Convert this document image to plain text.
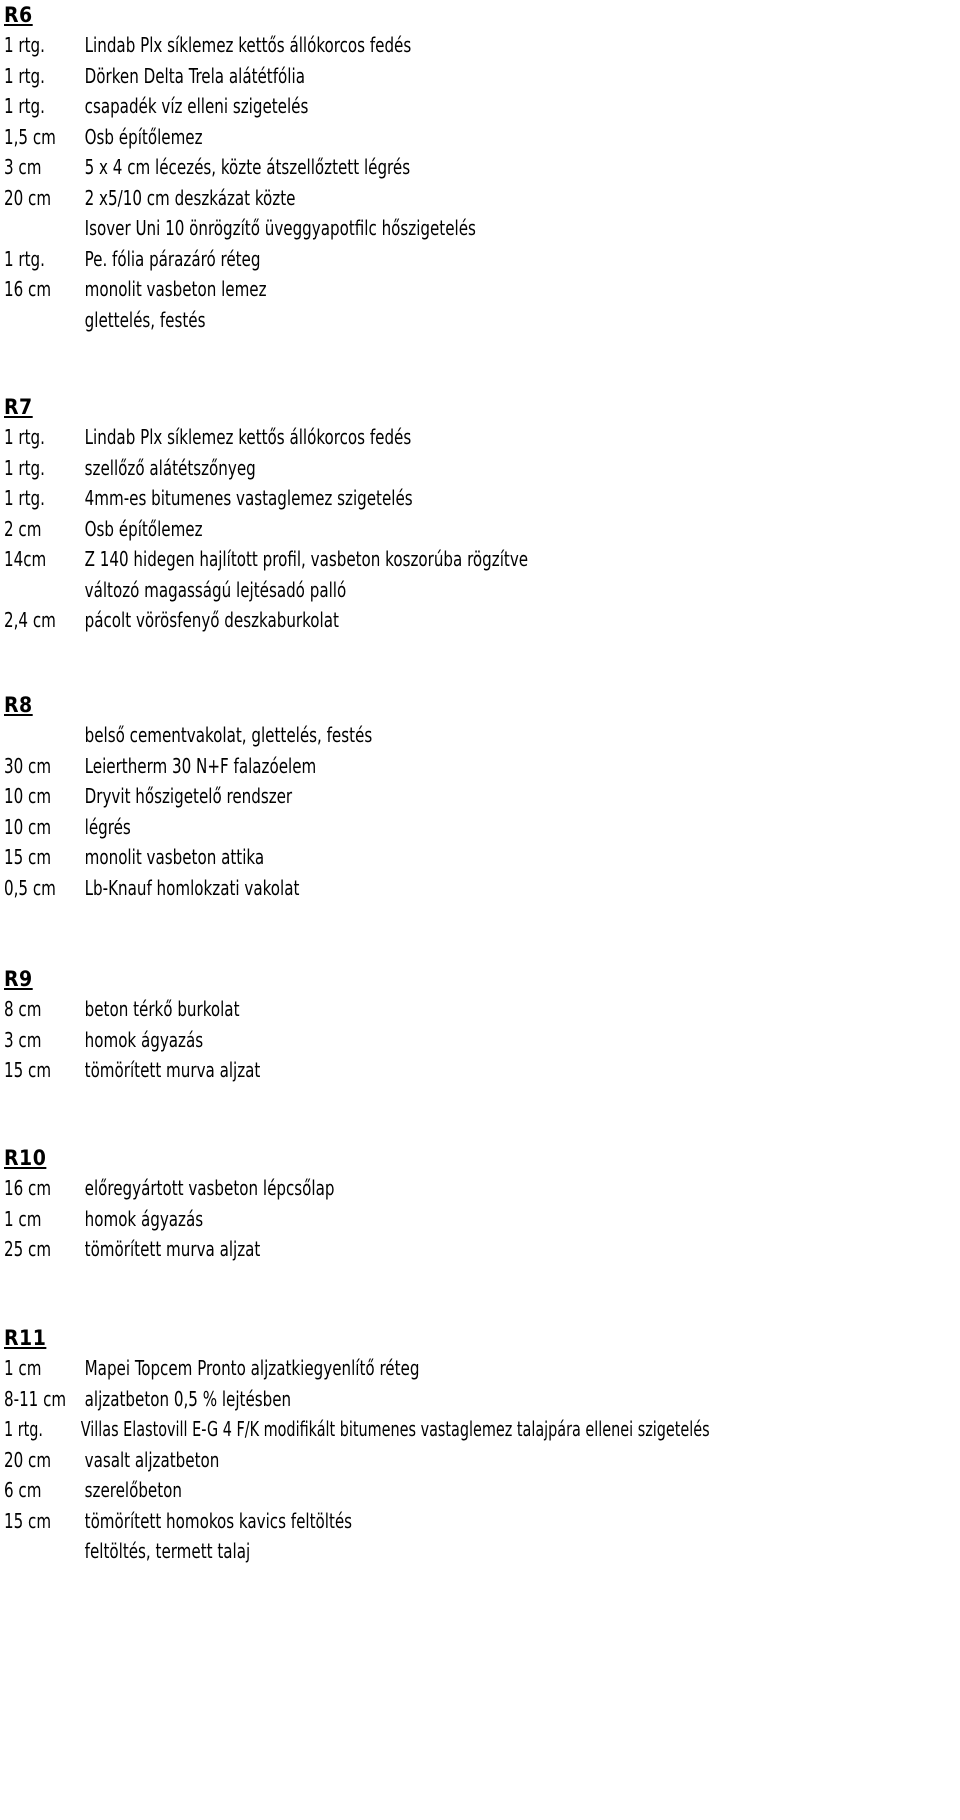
R6
1 rtg.	Lindab Plx síklemez kettős állókorcos fedés
1 rtg.	Dörken Delta Trela alátétfólia
1 rtg.	csapadék víz elleni szigetelés
1,5 cm	Osb építőlemez
3 cm	5 x 4 cm lécezés, közte átszellőztett légrés
20 cm	2 x5/10 cm deszkázat közte
Isover Uni 10 önrögzítő üveggyapotfilc hőszigetelés
1 rtg.	Pe. fólia párazáró réteg
16 cm	monolit vasbeton lemez
glettelés, festés
R7
1 rtg.	Lindab Plx síklemez kettős állókorcos fedés
1 rtg.	szellőző alátétszőnyeg
1 rtg.	4mm-es bitumenes vastaglemez szigetelés
2 cm	Osb építőlemez
14cm	Z 140 hidegen hajlított profil, vasbeton koszorúba rögzítve
változó magasságú lejtésadó palló
2,4 cm	pácolt vörösfenyő deszkaburkolat
R8
belső cementvakolat, glettelés, festés
30 cm	Leiertherm 30 N+F falazóelem
10 cm	Dryvit hőszigetelő rendszer
10 cm	légrés
15 cm	monolit vasbeton attika
0,5 cm	Lb-Knauf homlokzati vakolat
R9
8 cm	beton térkő burkolat
3 cm	homok ágyazás
15 cm	tömörített murva aljzat
R10
16 cm	előregyártott vasbeton lépcsőlap
1 cm	homok ágyazás
25 cm	tömörített murva aljzat
R11
1 cm	Mapei Topcem Pronto aljzatkiegyenlítő réteg
8-11 cm aljzatbeton 0,5 % lejtésben
1 rtg.	Villas Elastovill E-G 4 F/K modifikált bitumenes vastaglemez talajpára ellenei szigetelés
20 cm	vasalt aljzatbeton
6 cm	szerelőbeton
15 cm	tömörített homokos kavics feltöltés
feltöltés, termett talaj
